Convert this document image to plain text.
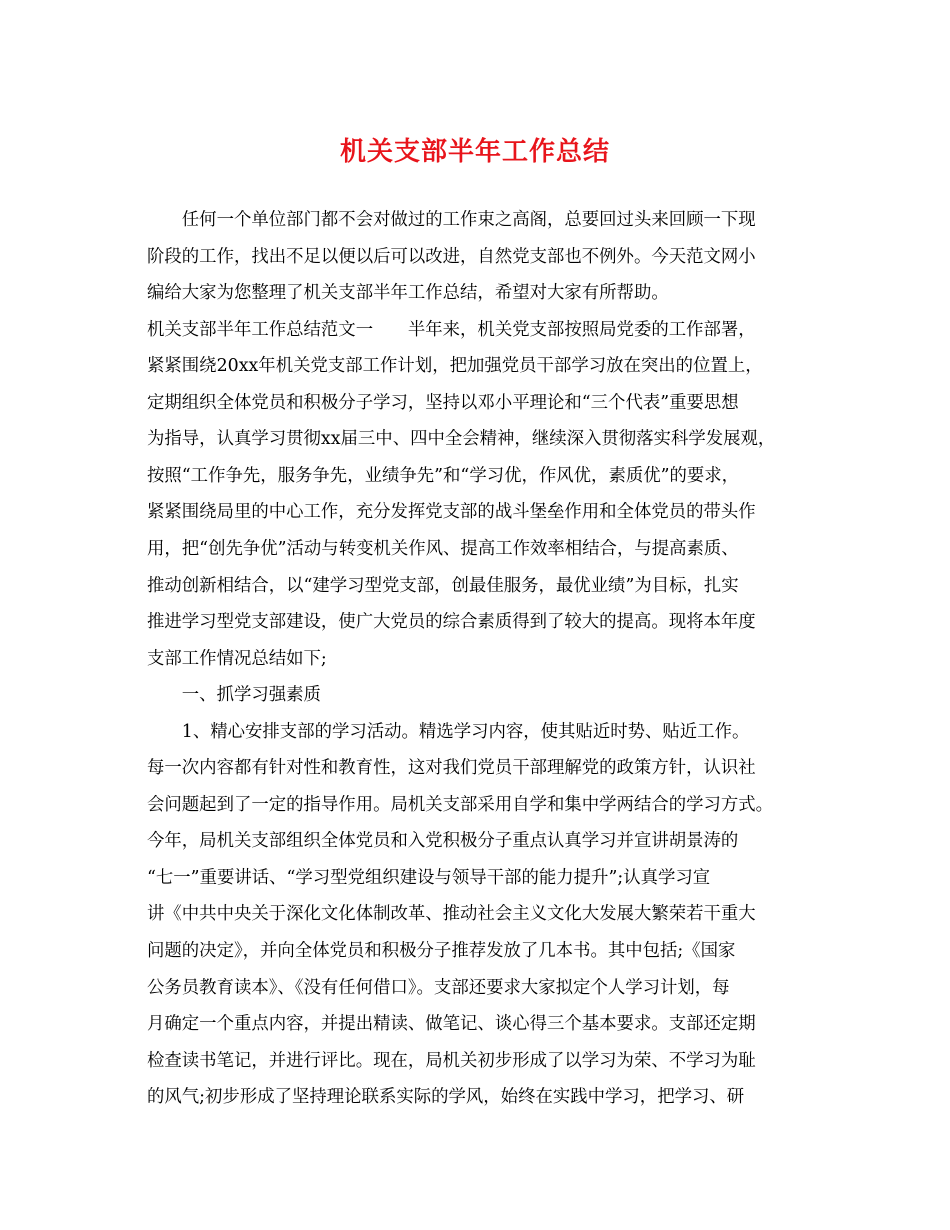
机关支部半年工作总结
　　任何一个单位部门都不会对做过的工作束之高阁，总要回过头来回顾一下现
阶段的工作，找出不足以便以后可以改进，自然党支部也不例外。今天范文网小
编给大家为您整理了机关支部半年工作总结，希望对大家有所帮助。
机关支部半年工作总结范文一　　半年来，机关党支部按照局党委的工作部署，
紧紧围绕20xx年机关党支部工作计划，把加强党员干部学习放在突出的位置上，
定期组织全体党员和积极分子学习，坚持以邓小平理论和“三个代表”重要思想
为指导，认真学习贯彻xx届三中、四中全会精神，继续深入贯彻落实科学发展观，
按照“工作争先，服务争先，业绩争先”和“学习优，作风优，素质优”的要求，
紧紧围绕局里的中心工作，充分发挥党支部的战斗堡垒作用和全体党员的带头作
用，把“创先争优”活动与转变机关作风、提高工作效率相结合，与提高素质、
推动创新相结合，以“建学习型党支部，创最佳服务，最优业绩”为目标，扎实
推进学习型党支部建设，使广大党员的综合素质得到了较大的提高。现将本年度
支部工作情况总结如下;
　　一、抓学习强素质
　　1、精心安排支部的学习活动。精选学习内容，使其贴近时势、贴近工作。
每一次内容都有针对性和教育性，这对我们党员干部理解党的政策方针，认识社
会问题起到了一定的指导作用。局机关支部采用自学和集中学两结合的学习方式。
今年，局机关支部组织全体党员和入党积极分子重点认真学习并宣讲胡景涛的
“七一”重要讲话、“学习型党组织建设与领导干部的能力提升”;认真学习宣
讲《中共中央关于深化文化体制改革、推动社会主义文化大发展大繁荣若干重大
问题的决定》，并向全体党员和积极分子推荐发放了几本书。其中包括;《国家
公务员教育读本》、《没有任何借口》。支部还要求大家拟定个人学习计划，每
月确定一个重点内容，并提出精读、做笔记、谈心得三个基本要求。支部还定期
检查读书笔记，并进行评比。现在，局机关初步形成了以学习为荣、不学习为耻
的风气;初步形成了坚持理论联系实际的学风，始终在实践中学习，把学习、研
